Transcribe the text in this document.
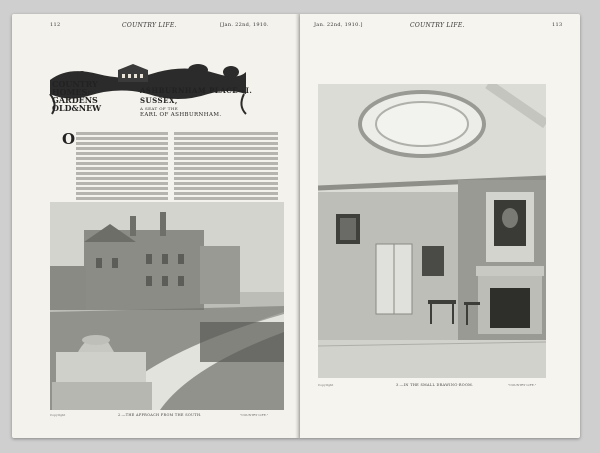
112	COUNTRY LIFE.	[Jan. 22nd, 1910.
COUNTRY
HOMES:
GARDENS
OLD&NEW
ASHBURNHAM PLACE—I.
SUSSEX,
A SEAT OF THE
EARL OF ASHBURNHAM.
O
Copyright	2.—THE APPROACH FROM THE SOUTH.	"COUNTRY LIFE."
Jan. 22nd, 1910.]	COUNTRY LIFE.	113
Copyright	3.—IN THE SMALL DRAWING-ROOM.	"COUNTRY LIFE."
